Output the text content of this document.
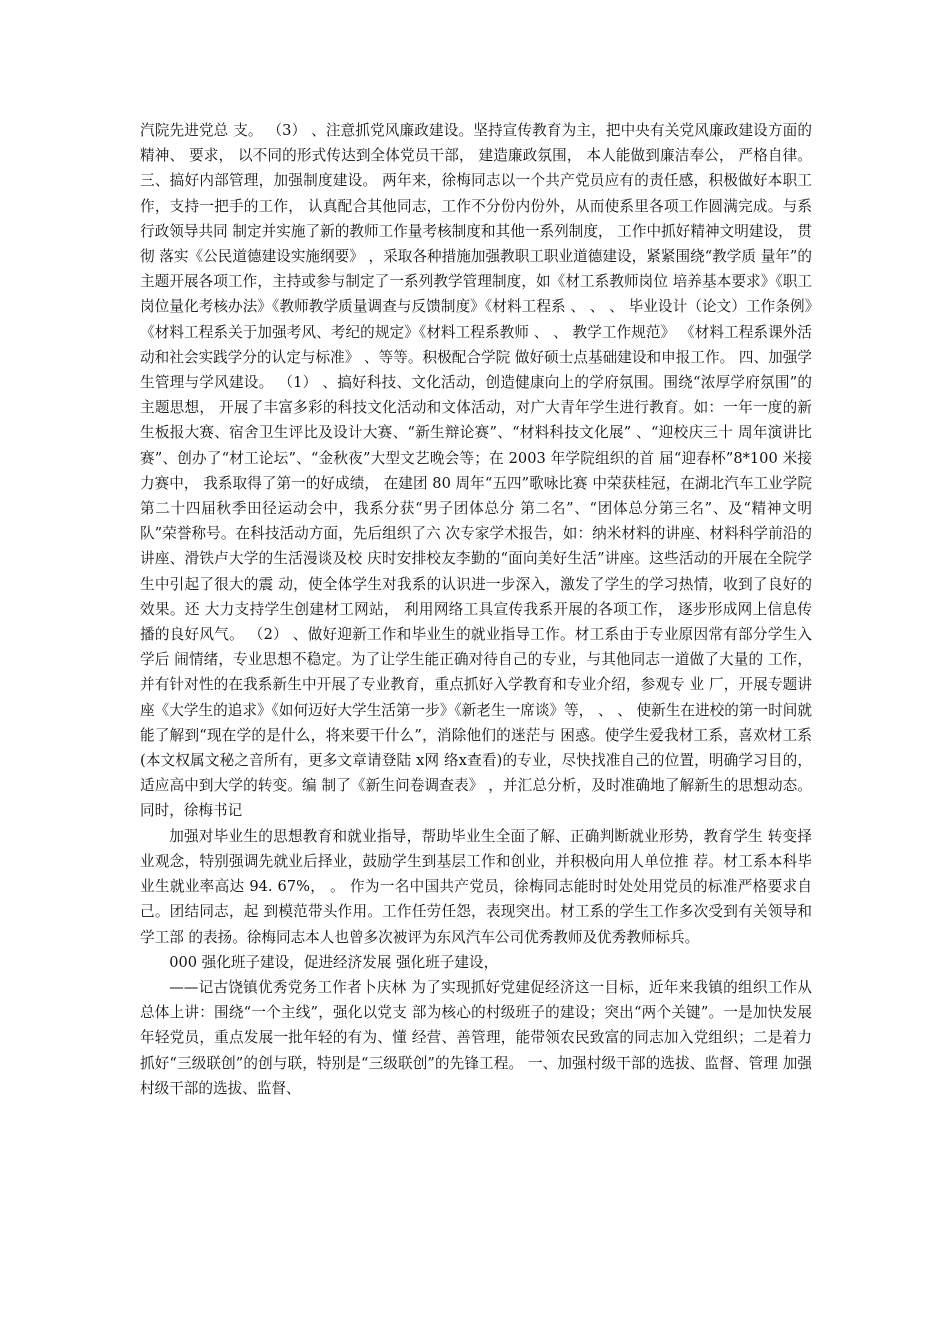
汽院先进党总 支。 （3） 、注意抓党风廉政建设。坚持宣传教育为主，把中央有关党风廉政建设方面的精神、 要求， 以不同的形式传达到全体党员干部， 建造廉政氛围， 本人能做到廉洁奉公， 严格自律。 三、搞好内部管理，加强制度建设。 两年来，徐梅同志以一个共产党员应有的责任感，积极做好本职工作，支持一把手的工作， 认真配合其他同志，工作不分份内份外，从而使系里各项工作圆满完成。与系行政领导共同 制定并实施了新的教师工作量考核制度和其他一系列制度， 工作中抓好精神文明建设， 贯彻 落实《公民道德建设实施纲要》 ，采取各种措施加强教职工职业道德建设，紧紧围绕“教学质 量年”的主题开展各项工作，主持或参与制定了一系列教学管理制度，如《材工系教师岗位 培养基本要求》《职工岗位量化考核办法》《教师教学质量调查与反馈制度》《材料工程系 、 、 、 毕业设计（论文）工作条例》《材料工程系关于加强考风、考纪的规定》《材料工程系教师 、 、 教学工作规范》 《材料工程系课外活动和社会实践学分的认定与标准》 、等等。积极配合学院 做好硕士点基础建设和申报工作。 四、加强学生管理与学风建设。 （1） 、搞好科技、文化活动，创造健康向上的学府氛围。围绕“浓厚学府氛围”的主题思想， 开展了丰富多彩的科技文化活动和文体活动，对广大青年学生进行教育。如：一年一度的新 生板报大赛、宿舍卫生评比及设计大赛、“新生辩论赛”、“材料科技文化展” 、“迎校庆三十 周年演讲比赛”、创办了“材工论坛”、“金秋夜”大型文艺晚会等；在 2003 年学院组织的首 届“迎春杯”8*100 米接力赛中， 我系取得了第一的好成绩， 在建团 80 周年“五四”歌咏比赛 中荣获桂冠，在湖北汽车工业学院第二十四届秋季田径运动会中，我系分获“男子团体总分 第二名”、“团体总分第三名”、及“精神文明队”荣誉称号。在科技活动方面，先后组织了六 次专家学术报告，如：纳米材料的讲座、材料科学前沿的讲座、滑铁卢大学的生活漫谈及校 庆时安排校友李勤的“面向美好生活”讲座。这些活动的开展在全院学生中引起了很大的震 动，使全体学生对我系的认识进一步深入，激发了学生的学习热情，收到了良好的效果。还 大力支持学生创建材工网站， 利用网络工具宣传我系开展的各项工作， 逐步形成网上信息传 播的良好风气。 （2） 、做好迎新工作和毕业生的就业指导工作。材工系由于专业原因常有部分学生入学后 闹情绪，专业思想不稳定。为了让学生能正确对待自己的专业，与其他同志一道做了大量的 工作，并有针对性的在我系新生中开展了专业教育，重点抓好入学教育和专业介绍，参观专 业 厂，开展专题讲座《大学生的追求》《如何迈好大学生活第一步》《新老生一席谈》等， 、 、 使新生在进校的第一时间就能了解到“现在学的是什么，将来要干什么”，消除他们的迷茫与 困惑。使学生爱我材工系，喜欢材工系(本文权属文秘之音所有，更多文章请登陆 x网 络x查看)的专业，尽快找准自己的位置，明确学习目的，适应高中到大学的转变。编 制了《新生问卷调查表》 ，并汇总分析，及时准确地了解新生的思想动态。同时，徐梅书记

加强对毕业生的思想教育和就业指导，帮助毕业生全面了解、正确判断就业形势，教育学生 转变择业观念，特别强调先就业后择业，鼓励学生到基层工作和创业，并积极向用人单位推 荐。材工系本科毕业生就业率高达 94. 67%， 。 作为一名中国共产党员，徐梅同志能时时处处用党员的标准严格要求自己。团结同志，起 到模范带头作用。工作任劳任怨，表现突出。材工系的学生工作多次受到有关领导和学工部 的表扬。徐梅同志本人也曾多次被评为东风汽车公司优秀教师及优秀教师标兵。

000 强化班子建设，促进经济发展 强化班子建设，

——记古饶镇优秀党务工作者卜庆林 为了实现抓好党建促经济这一目标，近年来我镇的组织工作从总体上讲：围绕“一个主线”，强化以党支 部为核心的村级班子的建设；突出“两个关键”。一是加快发展年轻党员，重点发展一批年轻的有为、懂 经营、善管理，能带领农民致富的同志加入党组织；二是着力抓好“三级联创”的创与联，特别是“三级联创”的先锋工程。 一、加强村级干部的选拔、监督、管理 加强村级干部的选拔、监督、
